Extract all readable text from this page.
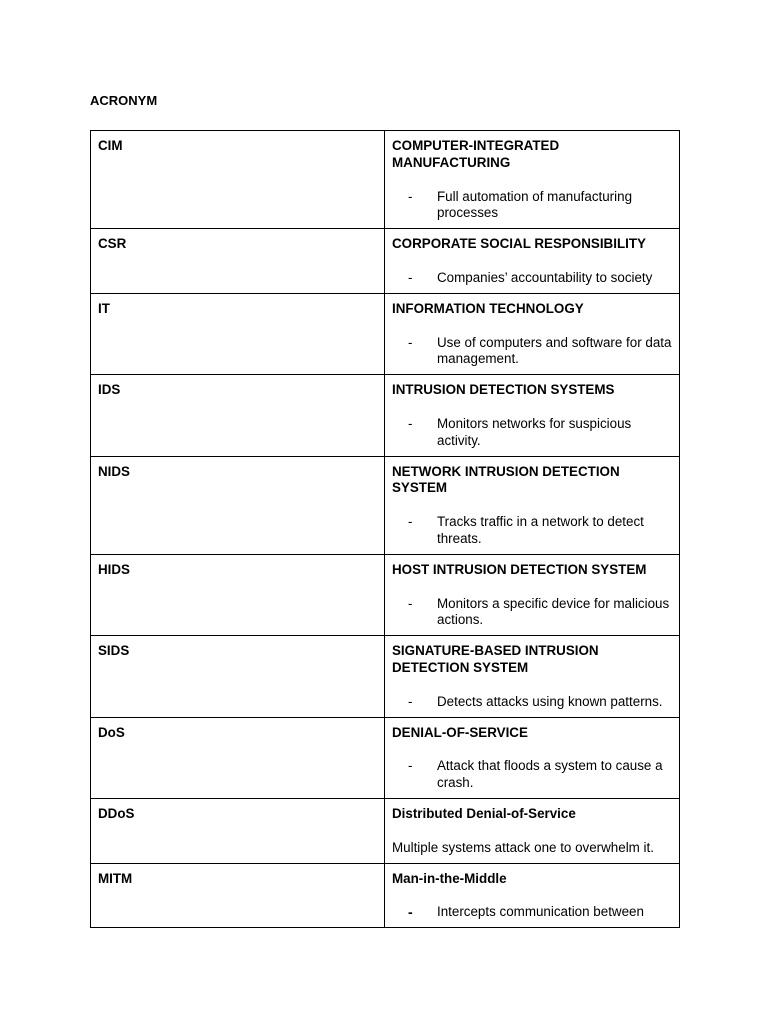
ACRONYM
CIM	COMPUTER-INTEGRATED MANUFACTURING
- Full automation of manufacturing processes

CSR	CORPORATE SOCIAL RESPONSIBILITY
- Companies’ accountability to society

IT	INFORMATION TECHNOLOGY
- Use of computers and software for data management.

IDS	INTRUSION DETECTION SYSTEMS
- Monitors networks for suspicious activity.

NIDS	NETWORK INTRUSION DETECTION SYSTEM
- Tracks traffic in a network to detect threats.

HIDS	HOST INTRUSION DETECTION SYSTEM
- Monitors a specific device for malicious actions.

SIDS	SIGNATURE-BASED INTRUSION DETECTION SYSTEM
- Detects attacks using known patterns.

DoS	DENIAL-OF-SERVICE
- Attack that floods a system to cause a crash.

DDoS	Distributed Denial-of-Service
Multiple systems attack one to overwhelm it.

MITM	Man-in-the-Middle
- Intercepts communication between
